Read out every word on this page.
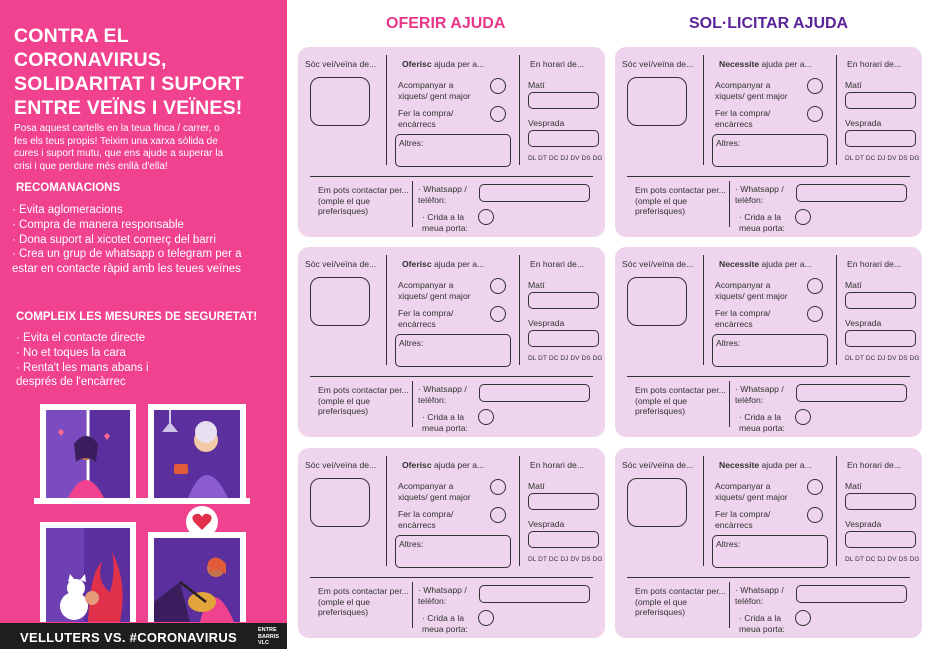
CONTRA EL CORONAVIRUS,
SOLIDARITAT I SUPORT
ENTRE VEÏNS I VEÏNES!
Posa aquest cartells en la teua finca / carrer, o
fes els teus propis! Teixim una xarxa sòlida de
cures i suport mutu, que ens ajude a superar la
crisi i que perdure més enllà d'ella!
RECOMANACIONS
· Evita aglomeracions
· Compra de manera responsable
· Dona suport al xicotet comerç del barri
· Crea un grup de whatsapp o telegram per a
estar en contacte ràpid amb les teues veïnes
COMPLEIX LES MESURES DE SEGURETAT!
· Evita el contacte directe
· No et toques la cara
· Renta't les mans abans i
després de l'encàrrec
VELLUTERS VS. #CORONAVIRUS	ENTRE
BARRIS
VLC
OFERIR AJUDA	SOL·LICITAR AJUDA
Sóc veí/veïna de...	Oferisc ajuda per a...
Acompanyar a
xiquets/ gent major
Fer la compra/
encàrrecs
Altres:
En horari de...
Matí
Vesprada
DL DT DC DJ DV DS DG
Em pots contactar per...
(omple el que
preferisques)
· Whatsapp /
telèfon:
· Crida a la
meua porta:
Sóc veí/veïna de...	Oferisc ajuda per a...
Acompanyar a
xiquets/ gent major
Fer la compra/
encàrrecs
Altres:
En horari de...
Matí
Vesprada
DL DT DC DJ DV DS DG
Em pots contactar per...
(omple el que
preferisques)
· Whatsapp /
telèfon:
· Crida a la
meua porta:
Sóc veí/veïna de...	Oferisc ajuda per a...
Acompanyar a
xiquets/ gent major
Fer la compra/
encàrrecs
Altres:
En horari de...
Matí
Vesprada
DL DT DC DJ DV DS DG
Em pots contactar per...
(omple el que
preferisques)
· Whatsapp /
telèfon:
· Crida a la
meua porta:
Sóc veí/veïna de...	Necessite ajuda per a...
Acompanyar a
xiquets/ gent major
Fer la compra/
encàrrecs
Altres:
En horari de...
Matí
Vesprada
DL DT DC DJ DV DS DG
Em pots contactar per...
(omple el que
preferisques)
· Whatsapp /
telèfon:
· Crida a la
meua porta:
Sóc veí/veïna de...	Necessite ajuda per a...
Acompanyar a
xiquets/ gent major
Fer la compra/
encàrrecs
Altres:
En horari de...
Matí
Vesprada
DL DT DC DJ DV DS DG
Em pots contactar per...
(omple el que
preferisques)
· Whatsapp /
telèfon:
· Crida a la
meua porta:
Sóc veí/veïna de...	Necessite ajuda per a...
Acompanyar a
xiquets/ gent major
Fer la compra/
encàrrecs
Altres:
En horari de...
Matí
Vesprada
DL DT DC DJ DV DS DG
Em pots contactar per...
(omple el que
preferisques)
· Whatsapp /
telèfon:
· Crida a la
meua porta:
